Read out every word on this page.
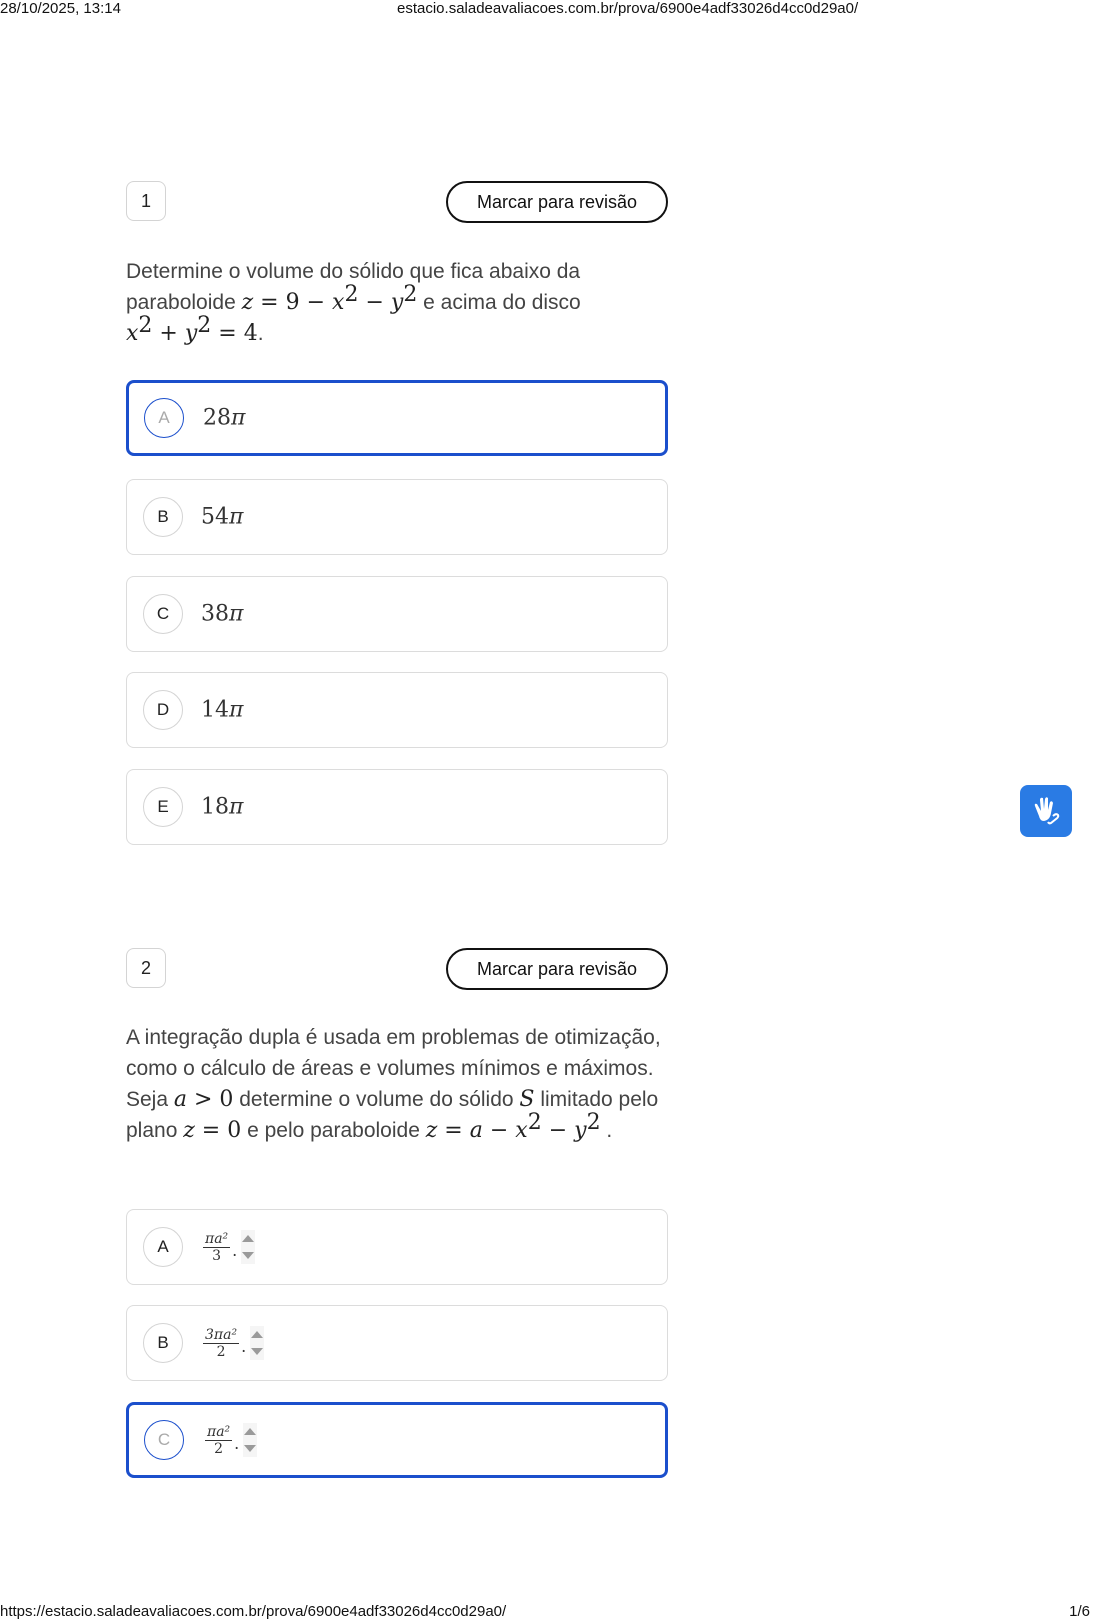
28/10/2025, 13:14	estacio.saladeavaliacoes.com.br/prova/6900e4adf33026d4cc0d29a0/
1	Marcar para revisão
Determine o volume do sólido que fica abaixo da paraboloide $z = 9 - x^2 - y^2$ e acima do disco
$x^2 + y^2 = 4$.
A	28π
B	54π
C	38π
D	14π
E	18π
2	Marcar para revisão
A integração dupla é usada em problemas de otimização, como o cálculo de áreas e volumes mínimos e máximos. Seja a > 0 determine o volume do sólido S limitado pelo plano z = 0 e pelo paraboloide $z = a - x^2 - y^2$ .
A	$\frac{\text{πa²}}{3}$ .
B	$\frac{\text{3πa²}}{2}$ .
C	$\frac{\text{πa²}}{2}$ .
https://estacio.saladeavaliacoes.com.br/prova/6900e4adf33026d4cc0d29a0/	1/6
